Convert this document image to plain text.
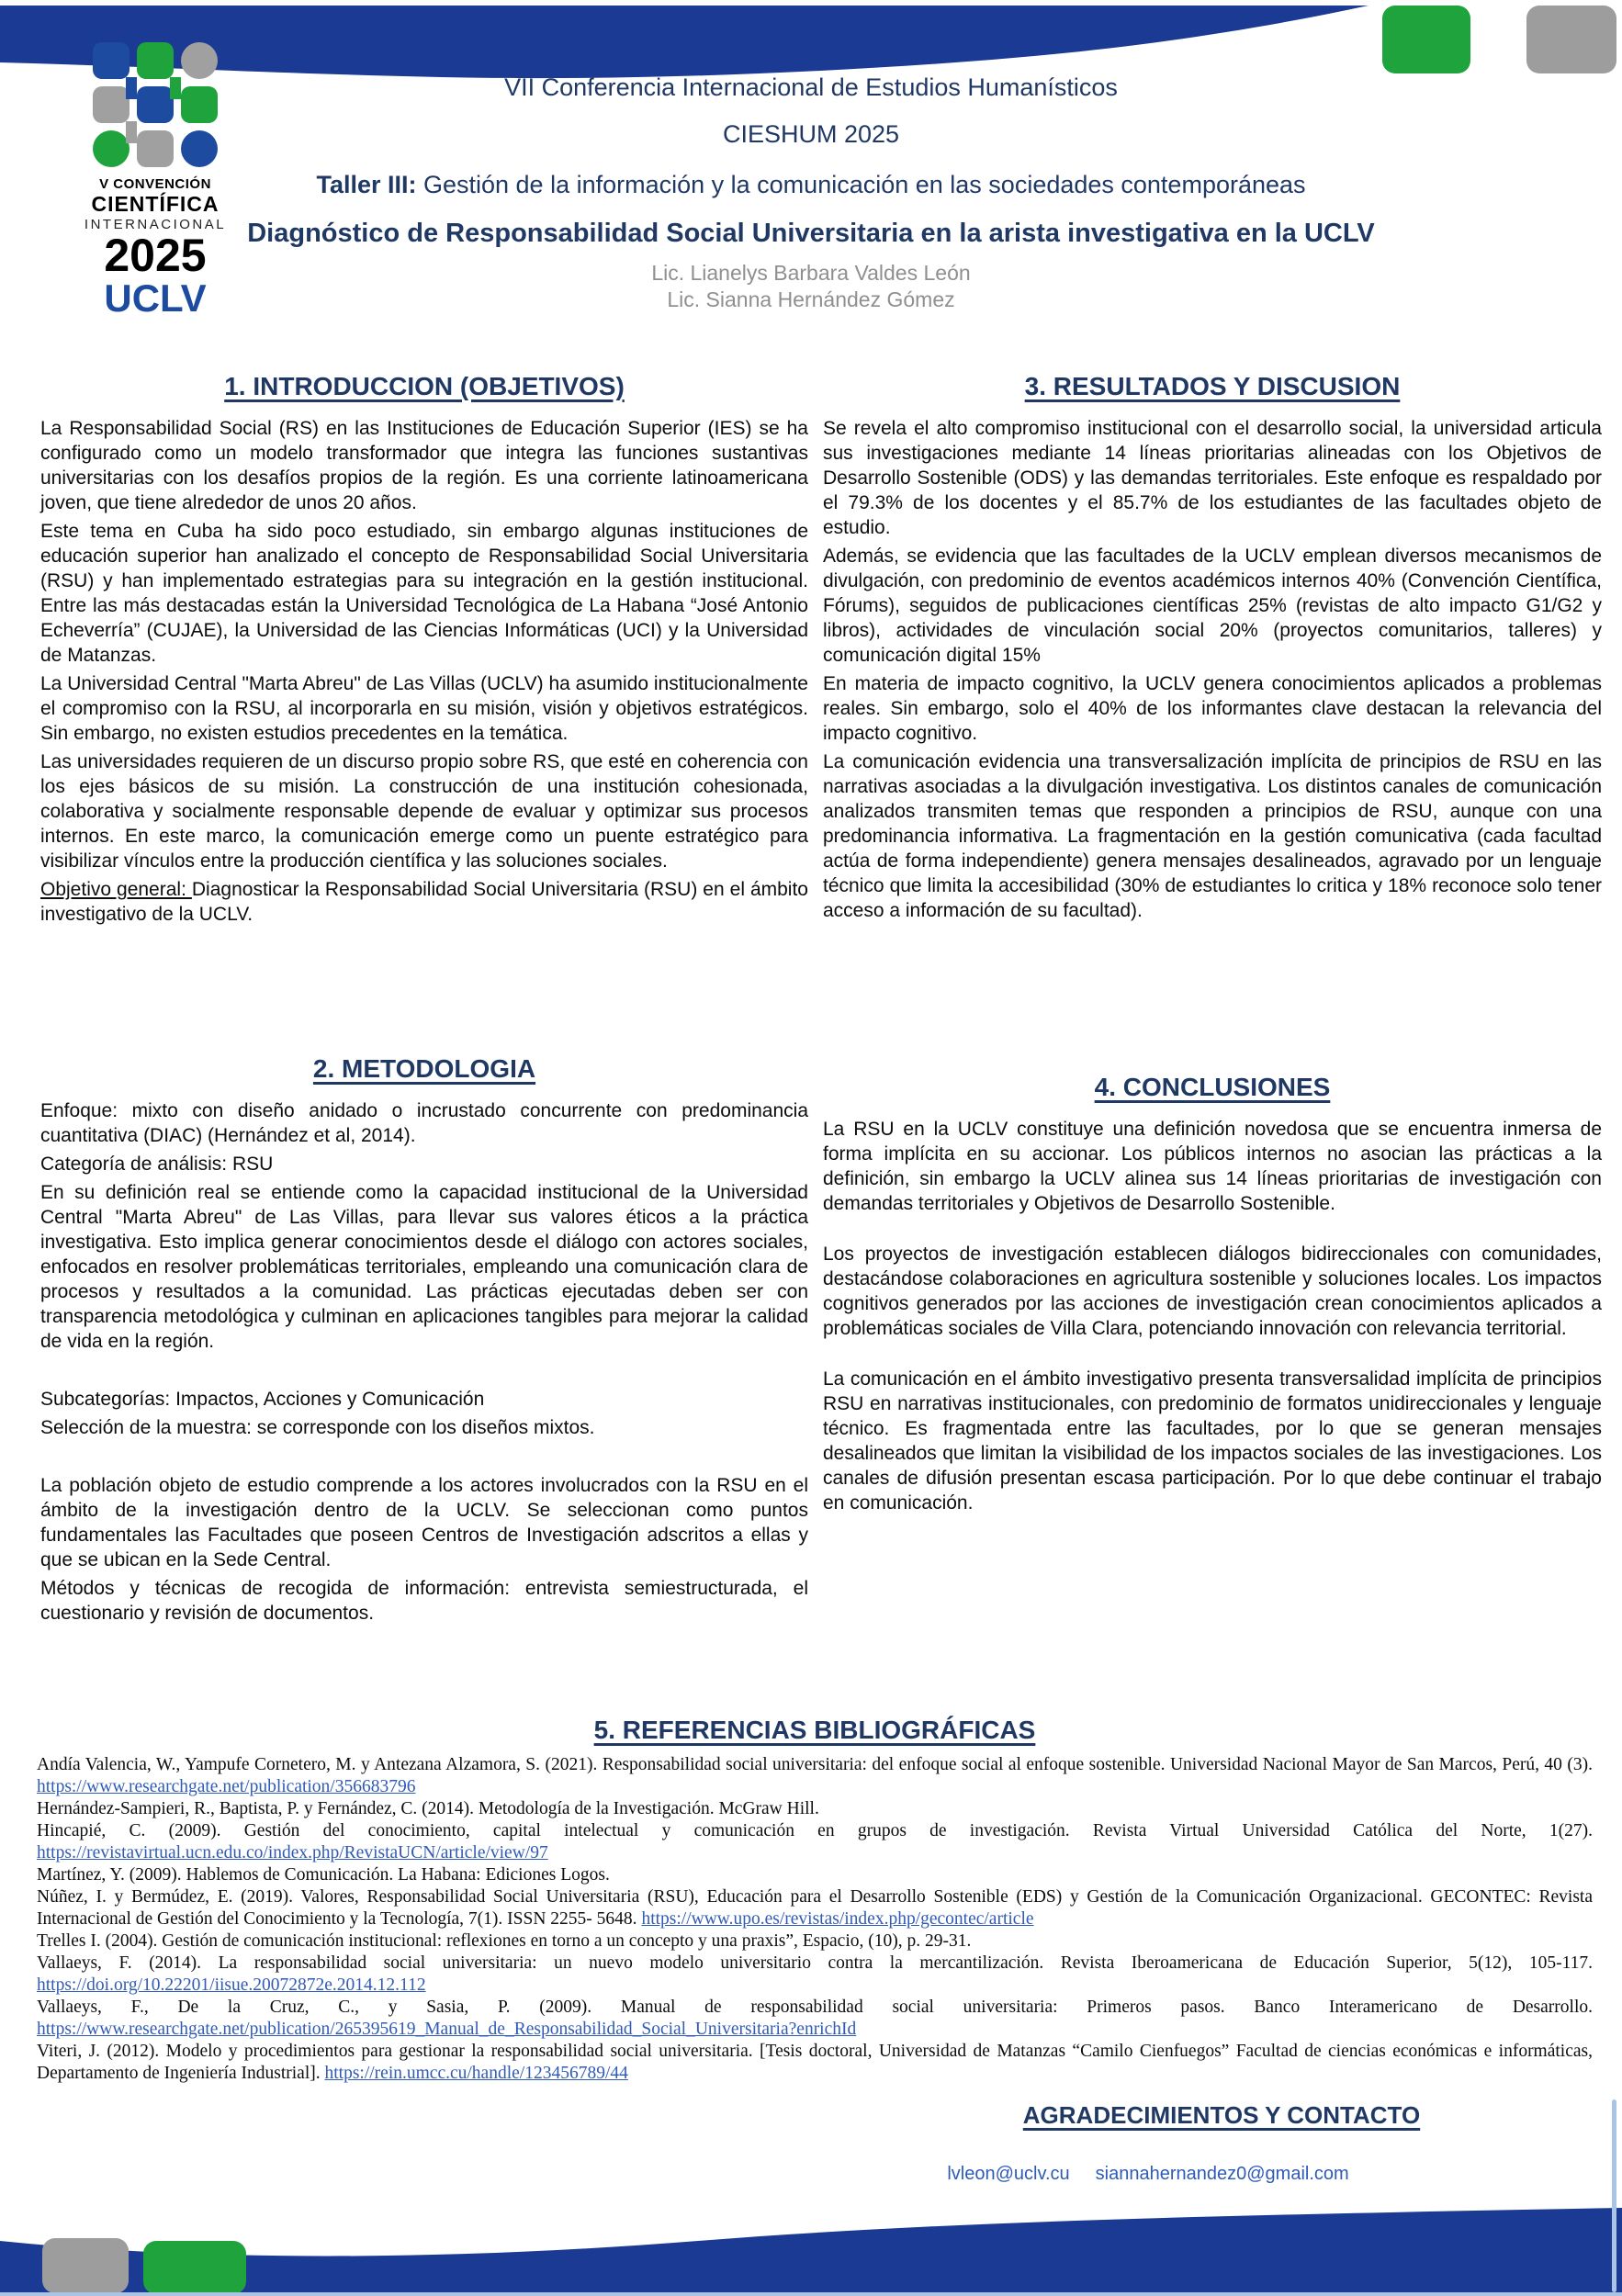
V CONVENCIÓN
CIENTÍFICA
INTERNACIONAL
2025
UCLV
VII Conferencia Internacional de Estudios Humanísticos
CIESHUM 2025
Taller III: Gestión de la información y la comunicación en las sociedades contemporáneas
Diagnóstico de Responsabilidad Social Universitaria en la arista investigativa en la UCLV
Lic. Lianelys Barbara Valdes León
Lic. Sianna Hernández Gómez
1. INTRODUCCION (OBJETIVOS)

La Responsabilidad Social (RS) en las Instituciones de Educación Superior (IES) se ha configurado como un modelo transformador que integra las funciones sustantivas universitarias con los desafíos propios de la región. Es una corriente latinoamericana joven, que tiene alrededor de unos 20 años.

Este tema en Cuba ha sido poco estudiado, sin embargo algunas instituciones de educación superior han analizado el concepto de Responsabilidad Social Universitaria (RSU) y han implementado estrategias para su integración en la gestión institucional. Entre las más destacadas están la Universidad Tecnológica de La Habana “José Antonio Echeverría” (CUJAE), la Universidad de las Ciencias Informáticas (UCI) y la Universidad de Matanzas.

La Universidad Central "Marta Abreu" de Las Villas (UCLV) ha asumido institucionalmente el compromiso con la RSU, al incorporarla en su misión, visión y objetivos estratégicos. Sin embargo, no existen estudios precedentes en la temática.

Las universidades requieren de un discurso propio sobre RS, que esté en coherencia con los ejes básicos de su misión. La construcción de una institución cohesionada, colaborativa y socialmente responsable depende de evaluar y optimizar sus procesos internos. En este marco, la comunicación emerge como un puente estratégico para visibilizar vínculos entre la producción científica y las soluciones sociales.

Objetivo general: Diagnosticar la Responsabilidad Social Universitaria (RSU) en el ámbito investigativo de la UCLV.

3. RESULTADOS Y DISCUSION

Se revela el alto compromiso institucional con el desarrollo social, la universidad articula sus investigaciones mediante 14 líneas prioritarias alineadas con los Objetivos de Desarrollo Sostenible (ODS) y las demandas territoriales. Este enfoque es respaldado por el 79.3% de los docentes y el 85.7% de los estudiantes de las facultades objeto de estudio.

Además, se evidencia que las facultades de la UCLV emplean diversos mecanismos de divulgación, con predominio de eventos académicos internos 40% (Convención Científica, Fórums), seguidos de publicaciones científicas 25% (revistas de alto impacto G1/G2 y libros), actividades de vinculación social 20% (proyectos comunitarios, talleres) y comunicación digital 15%

En materia de impacto cognitivo, la UCLV genera conocimientos aplicados a problemas reales. Sin embargo, solo el 40% de los informantes clave destacan la relevancia del impacto cognitivo.

La comunicación evidencia una transversalización implícita de principios de RSU en las narrativas asociadas a la divulgación investigativa. Los distintos canales de comunicación analizados transmiten temas que responden a principios de RSU, aunque con una predominancia informativa. La fragmentación en la gestión comunicativa (cada facultad actúa de forma independiente) genera mensajes desalineados, agravado por un lenguaje técnico que limita la accesibilidad (30% de estudiantes lo critica y 18% reconoce solo tener acceso a información de su facultad).

2. METODOLOGIA

Enfoque: mixto con diseño anidado o incrustado concurrente con predominancia cuantitativa (DIAC) (Hernández et al, 2014).

Categoría de análisis: RSU

En su definición real se entiende como la capacidad institucional de la Universidad Central "Marta Abreu" de Las Villas, para llevar sus valores éticos a la práctica investigativa. Esto implica generar conocimientos desde el diálogo con actores sociales, enfocados en resolver problemáticas territoriales, empleando una comunicación clara de procesos y resultados a la comunidad. Las prácticas ejecutadas deben ser con transparencia metodológica y culminan en aplicaciones tangibles para mejorar la calidad de vida en la región.

Subcategorías: Impactos, Acciones y Comunicación

Selección de la muestra: se corresponde con los diseños mixtos.

La población objeto de estudio comprende a los actores involucrados con la RSU en el ámbito de la investigación dentro de la UCLV. Se seleccionan como puntos fundamentales las Facultades que poseen Centros de Investigación adscritos a ellas y que se ubican en la Sede Central.

Métodos y técnicas de recogida de información: entrevista semiestructurada, el cuestionario y revisión de documentos.

4. CONCLUSIONES

La RSU en la UCLV constituye una definición novedosa que se encuentra inmersa de forma implícita en su accionar. Los públicos internos no asocian las prácticas a la definición, sin embargo la UCLV alinea sus 14 líneas prioritarias de investigación con demandas territoriales y Objetivos de Desarrollo Sostenible.

Los proyectos de investigación establecen diálogos bidireccionales con comunidades, destacándose colaboraciones en agricultura sostenible y soluciones locales. Los impactos cognitivos generados por las acciones de investigación crean conocimientos aplicados a problemáticas sociales de Villa Clara, potenciando innovación con relevancia territorial.

La comunicación en el ámbito investigativo presenta transversalidad implícita de principios RSU en narrativas institucionales, con predominio de formatos unidireccionales y lenguaje técnico. Es fragmentada entre las facultades, por lo que se generan mensajes desalineados que limitan la visibilidad de los impactos sociales de las investigaciones. Los canales de difusión presentan escasa participación. Por lo que debe continuar el trabajo en comunicación.

5. REFERENCIAS BIBLIOGRÁFICAS

Andía Valencia, W., Yampufe Cornetero, M. y Antezana Alzamora, S. (2021). Responsabilidad social universitaria: del enfoque social al enfoque sostenible. Universidad Nacional Mayor de San Marcos, Perú, 40 (3). https://www.researchgate.net/publication/356683796

Hernández-Sampieri, R., Baptista, P. y Fernández, C. (2014). Metodología de la Investigación. McGraw Hill.

Hincapié, C. (2009). Gestión del conocimiento, capital intelectual y comunicación en grupos de investigación. Revista Virtual Universidad Católica del Norte, 1(27). https://revistavirtual.ucn.edu.co/index.php/RevistaUCN/article/view/97

Martínez, Y. (2009). Hablemos de Comunicación. La Habana: Ediciones Logos.

Núñez, I. y Bermúdez, E. (2019). Valores, Responsabilidad Social Universitaria (RSU), Educación para el Desarrollo Sostenible (EDS) y Gestión de la Comunicación Organizacional. GECONTEC: Revista Internacional de Gestión del Conocimiento y la Tecnología, 7(1). ISSN 2255- 5648. https://www.upo.es/revistas/index.php/gecontec/article

Trelles I. (2004). Gestión de comunicación institucional: reflexiones en torno a un concepto y una praxis”, Espacio, (10), p. 29-31.

Vallaeys, F. (2014). La responsabilidad social universitaria: un nuevo modelo universitario contra la mercantilización. Revista Iberoamericana de Educación Superior, 5(12), 105-117. https://doi.org/10.22201/iisue.20072872e.2014.12.112

Vallaeys, F., De la Cruz, C., y Sasia, P. (2009). Manual de responsabilidad social universitaria: Primeros pasos. Banco Interamericano de Desarrollo. https://www.researchgate.net/publication/265395619_Manual_de_Responsabilidad_Social_Universitaria?enrichId

Viteri, J. (2012). Modelo y procedimientos para gestionar la responsabilidad social universitaria. [Tesis doctoral, Universidad de Matanzas “Camilo Cienfuegos” Facultad de ciencias económicas e informáticas, Departamento de Ingeniería Industrial]. https://rein.umcc.cu/handle/123456789/44

AGRADECIMIENTOS Y CONTACTO
lvleon@uclv.cu siannahernandez0@gmail.com
